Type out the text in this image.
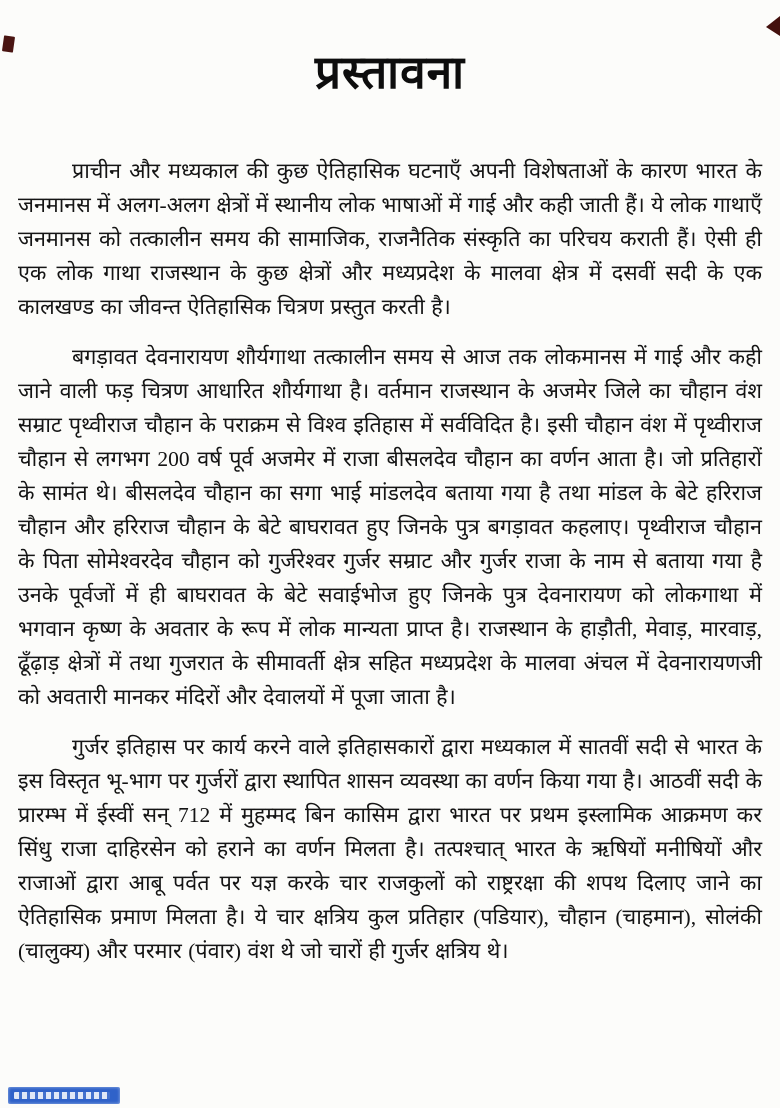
प्रस्तावना

प्राचीन और मध्यकाल की कुछ ऐतिहासिक घटनाएँ अपनी विशेषताओं के कारण भारत के जनमानस में अलग-अलग क्षेत्रों में स्थानीय लोक भाषाओं में गाई और कही जाती हैं। ये लोक गाथाएँ जनमानस को तत्कालीन समय की सामाजिक, राजनैतिक संस्कृति का परिचय कराती हैं। ऐसी ही एक लोक गाथा राजस्थान के कुछ क्षेत्रों और मध्यप्रदेश के मालवा क्षेत्र में दसवीं सदी के एक कालखण्ड का जीवन्त ऐतिहासिक चित्रण प्रस्तुत करती है।

बगड़ावत देवनारायण शौर्यगाथा तत्कालीन समय से आज तक लोकमानस में गाई और कही जाने वाली फड़ चित्रण आधारित शौर्यगाथा है। वर्तमान राजस्थान के अजमेर जिले का चौहान वंश सम्राट पृथ्वीराज चौहान के पराक्रम से विश्व इतिहास में सर्वविदित है। इसी चौहान वंश में पृथ्वीराज चौहान से लगभग 200 वर्ष पूर्व अजमेर में राजा बीसलदेव चौहान का वर्णन आता है। जो प्रतिहारों के सामंत थे। बीसलदेव चौहान का सगा भाई मांडलदेव बताया गया है तथा मांडल के बेटे हरिराज चौहान और हरिराज चौहान के बेटे बाघरावत हुए जिनके पुत्र बगड़ावत कहलाए। पृथ्वीराज चौहान के पिता सोमेश्वरदेव चौहान को गुर्जरेश्वर गुर्जर सम्राट और गुर्जर राजा के नाम से बताया गया है उनके पूर्वजों में ही बाघरावत के बेटे सवाईभोज हुए जिनके पुत्र देवनारायण को लोकगाथा में भगवान कृष्ण के अवतार के रूप में लोक मान्यता प्राप्त है। राजस्थान के हाड़ौती, मेवाड़, मारवाड़, ढूँढ़ाड़ क्षेत्रों में तथा गुजरात के सीमावर्ती क्षेत्र सहित मध्यप्रदेश के मालवा अंचल में देवनारायणजी को अवतारी मानकर मंदिरों और देवालयों में पूजा जाता है।

गुर्जर इतिहास पर कार्य करने वाले इतिहासकारों द्वारा मध्यकाल में सातवीं सदी से भारत के इस विस्तृत भू-भाग पर गुर्जरों द्वारा स्थापित शासन व्यवस्था का वर्णन किया गया है। आठवीं सदी के प्रारम्भ में ईस्वीं सन् 712 में मुहम्मद बिन कासिम द्वारा भारत पर प्रथम इस्लामिक आक्रमण कर सिंधु राजा दाहिरसेन को हराने का वर्णन मिलता है। तत्पश्चात् भारत के ऋषियों मनीषियों और राजाओं द्वारा आबू पर्वत पर यज्ञ करके चार राजकुलों को राष्ट्ररक्षा की शपथ दिलाए जाने का ऐतिहासिक प्रमाण मिलता है। ये चार क्षत्रिय कुल प्रतिहार (पडियार), चौहान (चाहमान), सोलंकी (चालुक्य) और परमार (पंवार) वंश थे जो चारों ही गुर्जर क्षत्रिय थे।
